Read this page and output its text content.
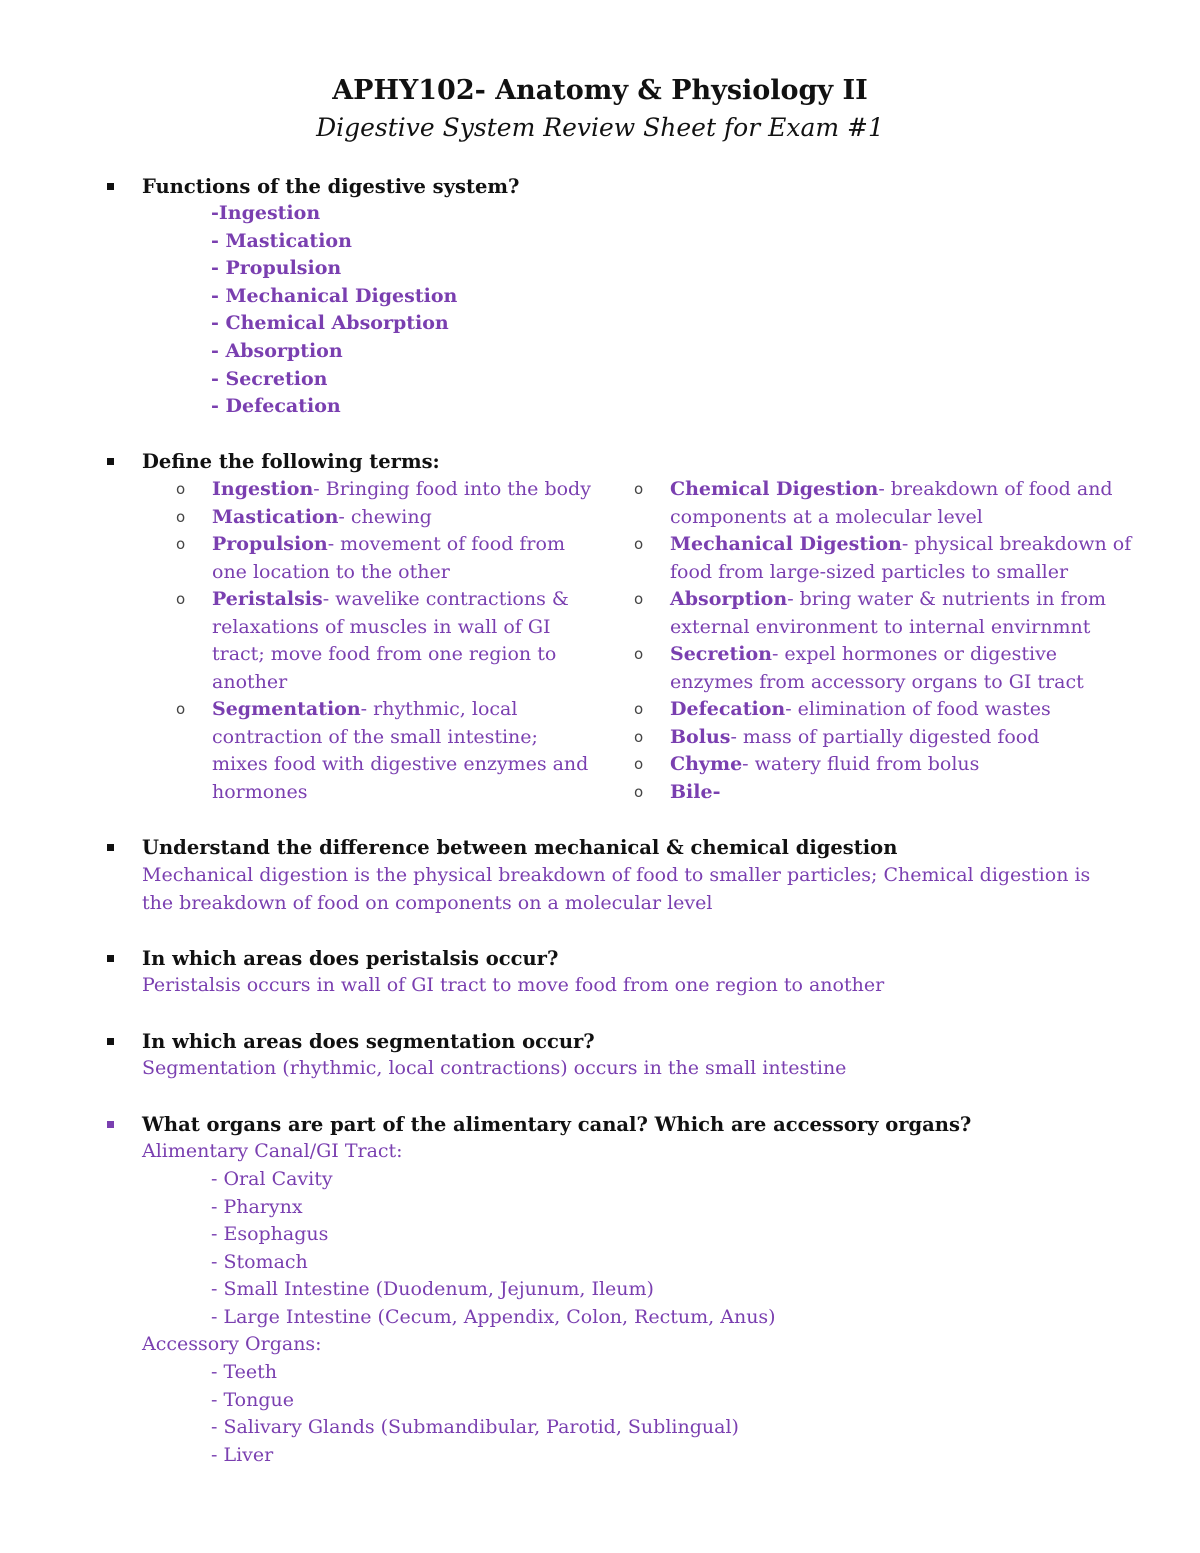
APHY102- Anatomy & Physiology II
Digestive System Review Sheet for Exam #1
Functions of the digestive system?
-Ingestion
- Mastication
- Propulsion
- Mechanical Digestion
- Chemical Absorption
- Absorption
- Secretion
- Defecation
Define the following terms:
o Ingestion- Bringing food into the body
o Mastication- chewing
o Propulsion- movement of food from one location to the other
o Peristalsis- wavelike contractions & relaxations of muscles in wall of GI tract; move food from one region to another
o Segmentation- rhythmic, local contraction of the small intestine; mixes food with digestive enzymes and hormones
o Chemical Digestion- breakdown of food and components at a molecular level
o Mechanical Digestion- physical breakdown of food from large-sized particles to smaller
o Absorption- bring water & nutrients in from external environment to internal envirnmnt
o Secretion- expel hormones or digestive enzymes from accessory organs to GI tract
o Defecation- elimination of food wastes
o Bolus- mass of partially digested food
o Chyme- watery fluid from bolus
o Bile-
Understand the difference between mechanical & chemical digestion
Mechanical digestion is the physical breakdown of food to smaller particles; Chemical digestion is
the breakdown of food on components on a molecular level
In which areas does peristalsis occur?
Peristalsis occurs in wall of GI tract to move food from one region to another
In which areas does segmentation occur?
Segmentation (rhythmic, local contractions) occurs in the small intestine
What organs are part of the alimentary canal? Which are accessory organs?
Alimentary Canal/GI Tract:
- Oral Cavity
- Pharynx
- Esophagus
- Stomach
- Small Intestine (Duodenum, Jejunum, Ileum)
- Large Intestine (Cecum, Appendix, Colon, Rectum, Anus)
Accessory Organs:
- Teeth
- Tongue
- Salivary Glands (Submandibular, Parotid, Sublingual)
- Liver
